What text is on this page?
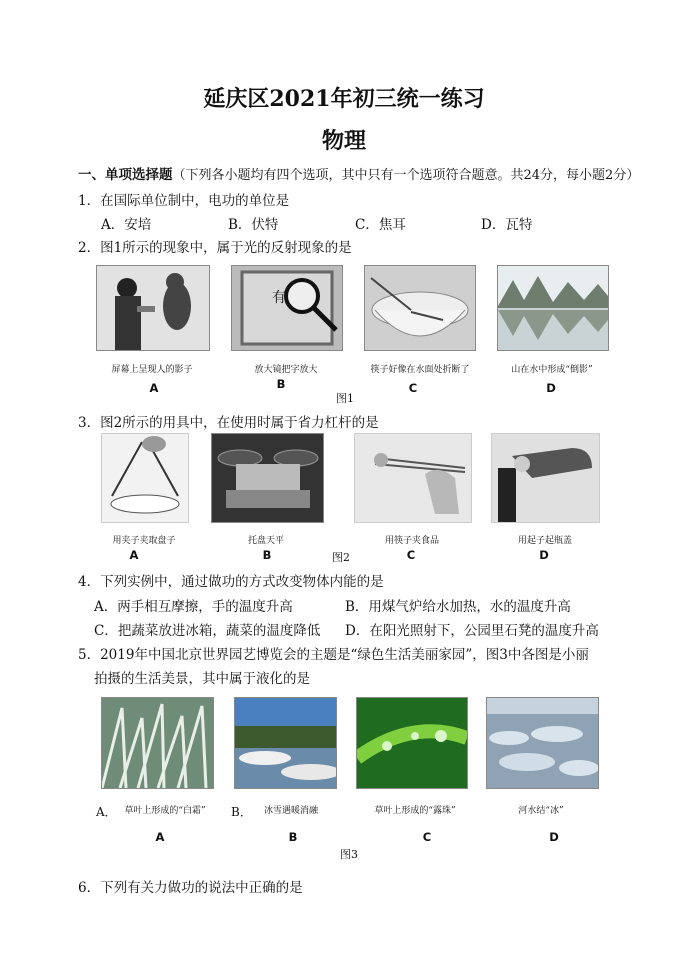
延庆区2021年初三统一练习
物理
一、单项选择题（下列各小题均有四个选项，其中只有一个选项符合题意。共24分，每小题2分）
1．在国际单位制中，电功的单位是
A．安培	B．伏特	C．焦耳	D．瓦特
2．图1所示的现象中，属于光的反射现象的是
有
屏幕上呈现人的影子	放大镜把字放大	筷子好像在水面处折断了	山在水中形成“倒影”
A	B	C	D
图1
3．图2所示的用具中，在使用时属于省力杠杆的是
用夹子夹取盘子	托盘天平	用筷子夹食品	用起子起瓶盖
A	B	图2	C	D
4．下列实例中，通过做功的方式改变物体内能的是
A．两手相互摩擦，手的温度升高	B．用煤气炉给水加热，水的温度升高
C．把蔬菜放进冰箱，蔬菜的温度降低 D．在阳光照射下，公园里石凳的温度升高
5．2019年中国北京世界园艺博览会的主题是“绿色生活美丽家园”，图3中各图是小丽
拍摄的生活美景，其中属于液化的是
A． 草叶上形成的“白霜”	B．	冰雪遇暖消融	草叶上形成的“露珠”	河水结“冰”
A	B	C	D
图3
6．下列有关力做功的说法中正确的是
